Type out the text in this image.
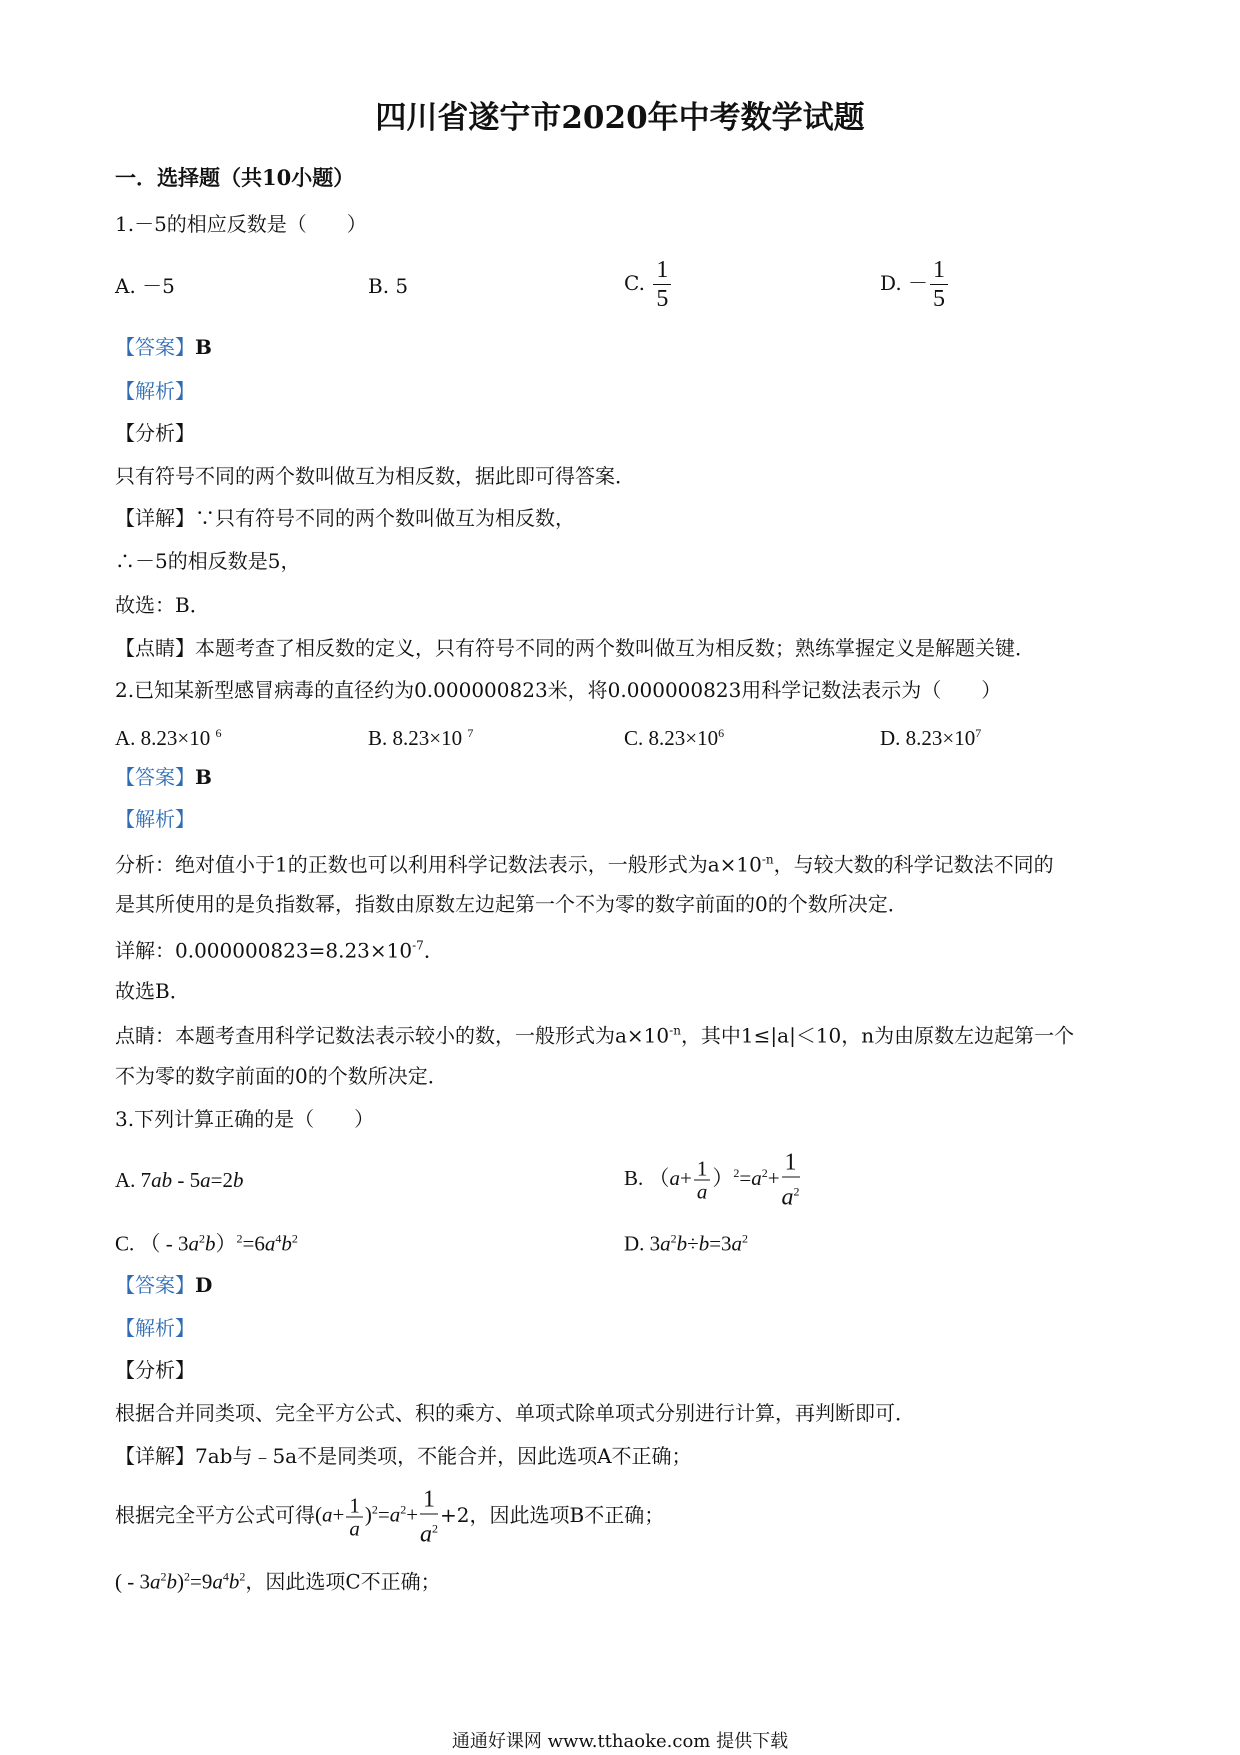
四川省遂宁市2020年中考数学试题
一．选择题（共10小题）
1.－5的相应反数是（　　）
A. －5	B. 5	C. $\frac{1}{5}$	D. － $\frac{1}{5}$
【答案】B
【解析】
【分析】
只有符号不同的两个数叫做互为相反数，据此即可得答案．
【详解】∵只有符号不同的两个数叫做互为相反数，
∴－5的相反数是5，
故选：B．
【点睛】本题考查了相反数的定义，只有符号不同的两个数叫做互为相反数；熟练掌握定义是解题关键．
2.已知某新型感冒病毒的直径约为0.000000823米，将0.000000823用科学记数法表示为（　　）
A. 8.23×10 $^6$	B. 8.23×10 $^7$	C. $8.23\times 10^6$	D. $8.23\times 10^7$
【答案】B
【解析】
分析：绝对值小于1的正数也可以利用科学记数法表示，一般形式为$a\times 10^{-n}$，与较大数的科学记数法不同的
是其所使用的是负指数幂，指数由原数左边起第一个不为零的数字前面的0的个数所决定．
详解：$0.000000823=8.23\times 10^{-7}$．
故选B．
点睛：本题考查用科学记数法表示较小的数，一般形式为$a\times 10^{-n}$，其中1≤|a|＜10，n为由原数左边起第一个
不为零的数字前面的0的个数所决定．
3.下列计算正确的是（　　）
A. 7ab - 5a=2b	B. $(a+ \frac{1}{a} )^2=a^2+ \frac{1}{a^2}$
C. （ - $3a^2b)^2=6a^4b^2$	D. $3a^2b\div b=3a^2$
【答案】D
【解析】
【分析】
根据合并同类项、完全平方公式、积的乘方、单项式除单项式分别进行计算，再判断即可．
【详解】7ab与﹣5a不是同类项，不能合并，因此选项A不正确；
根据完全平方公式可得$(a+ \frac{1}{a} )^2=a^2+ \frac{1}{a^2} +2$，因此选项B不正确；
( - $3a^2b)^2=9a^4b^2$，因此选项C不正确；
通通好课网 www.tthaoke.com 提供下载
